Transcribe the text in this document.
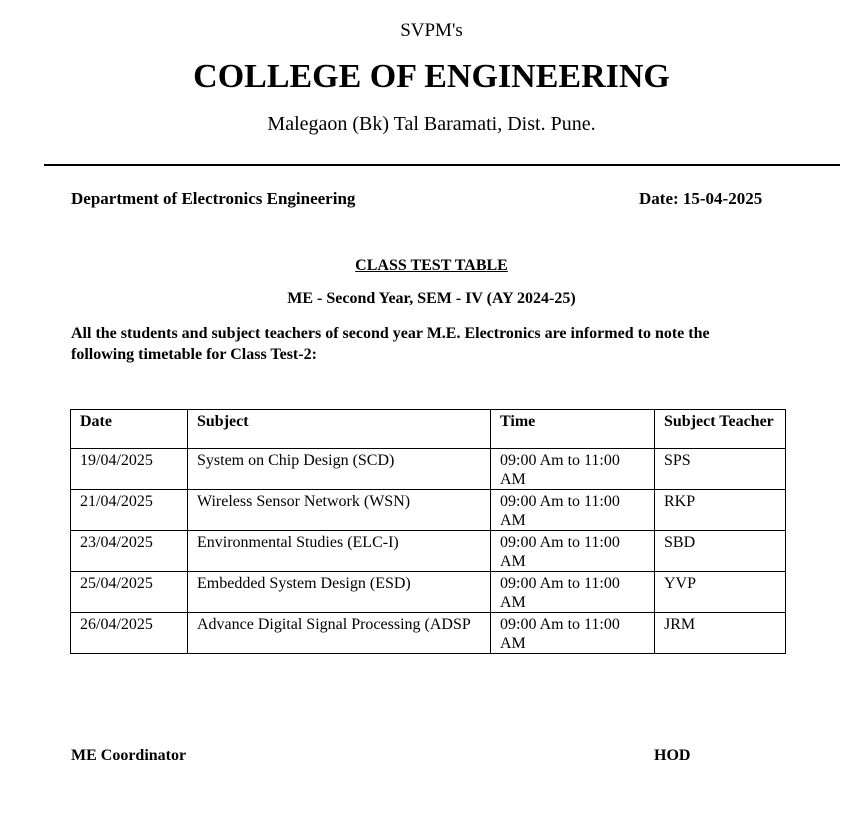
SVPM's
COLLEGE OF ENGINEERING
Malegaon (Bk) Tal Baramati, Dist. Pune.
Department of Electronics Engineering	Date: 15-04-2025
CLASS TEST TABLE
ME - Second Year, SEM - IV (AY 2024-25)
All the students and subject teachers of second year M.E. Electronics are informed to note the following timetable for Class Test-2:
Date	Subject	Time	Subject Teacher
19/04/2025	System on Chip Design (SCD)	09:00 Am to 11:00 AM	SPS
21/04/2025	Wireless Sensor Network (WSN)	09:00 Am to 11:00 AM	RKP
23/04/2025	Environmental Studies (ELC-I)	09:00 Am to 11:00 AM	SBD
25/04/2025	Embedded System Design (ESD)	09:00 Am to 11:00 AM	YVP
26/04/2025	Advance Digital Signal Processing (ADSP	09:00 Am to 11:00 AM	JRM
ME Coordinator	HOD
